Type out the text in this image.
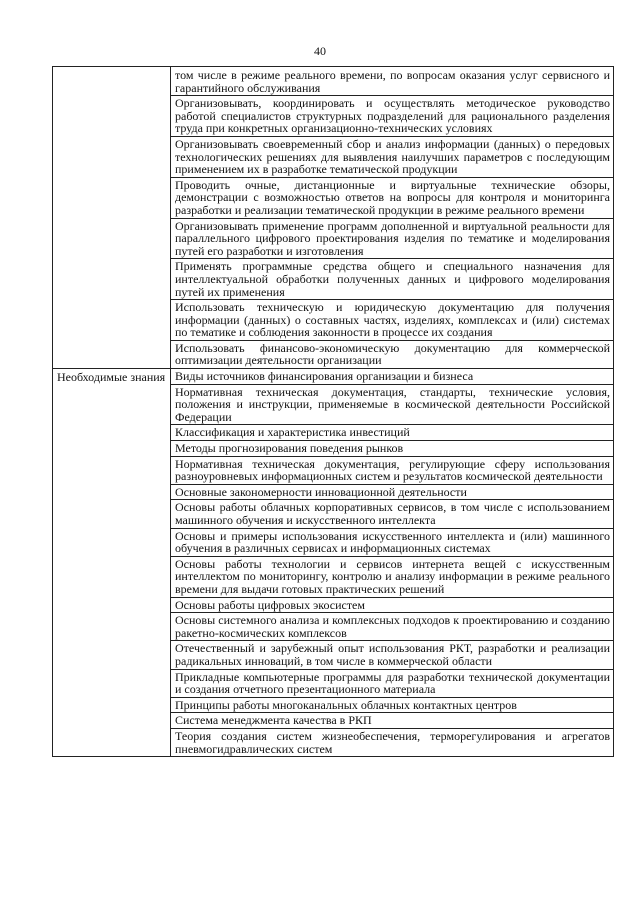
40
	том числе в режиме реального времени, по вопросам оказания услуг сервисного и гарантийного обслуживания
	Организовывать, координировать и осуществлять методическое руководство работой специалистов структурных подразделений для рационального разделения труда при конкретных организационно-технических условиях
	Организовывать своевременный сбор и анализ информации (данных) о передовых технологических решениях для выявления наилучших параметров с последующим применением их в разработке тематической продукции
	Проводить очные, дистанционные и виртуальные технические обзоры, демонстрации с возможностью ответов на вопросы для контроля и мониторинга разработки и реализации тематической продукции в режиме реального времени
	Организовывать применение программ дополненной и виртуальной реальности для параллельного цифрового проектирования изделия по тематике и моделирования путей его разработки и изготовления
	Применять программные средства общего и специального назначения для интеллектуальной обработки полученных данных и цифрового моделирования путей их применения
	Использовать техническую и юридическую документацию для получения информации (данных) о составных частях, изделиях, комплексах и (или) системах по тематике и соблюдения законности в процессе их создания
	Использовать финансово-экономическую документацию для коммерческой оптимизации деятельности организации
Необходимые знания	Виды источников финансирования организации и бизнеса
	Нормативная техническая документация, стандарты, технические условия, положения и инструкции, применяемые в космической деятельности Российской Федерации
	Классификация и характеристика инвестиций
	Методы прогнозирования поведения рынков
	Нормативная техническая документация, регулирующие сферу использования разноуровневых информационных систем и результатов космической деятельности
	Основные закономерности инновационной деятельности
	Основы работы облачных корпоративных сервисов, в том числе с использованием машинного обучения и искусственного интеллекта
	Основы и примеры использования искусственного интеллекта и (или) машинного обучения в различных сервисах и информационных системах
	Основы работы технологии и сервисов интернета вещей с искусственным интеллектом по мониторингу, контролю и анализу информации в режиме реального времени для выдачи готовых практических решений
	Основы работы цифровых экосистем
	Основы системного анализа и комплексных подходов к проектированию и созданию ракетно-космических комплексов
	Отечественный и зарубежный опыт использования РКТ, разработки и реализации радикальных инноваций, в том числе в коммерческой области
	Прикладные компьютерные программы для разработки технической документации и создания отчетного презентационного материала
	Принципы работы многоканальных облачных контактных центров
	Система менеджмента качества в РКП
	Теория создания систем жизнеобеспечения, терморегулирования и агрегатов пневмогидравлических систем
